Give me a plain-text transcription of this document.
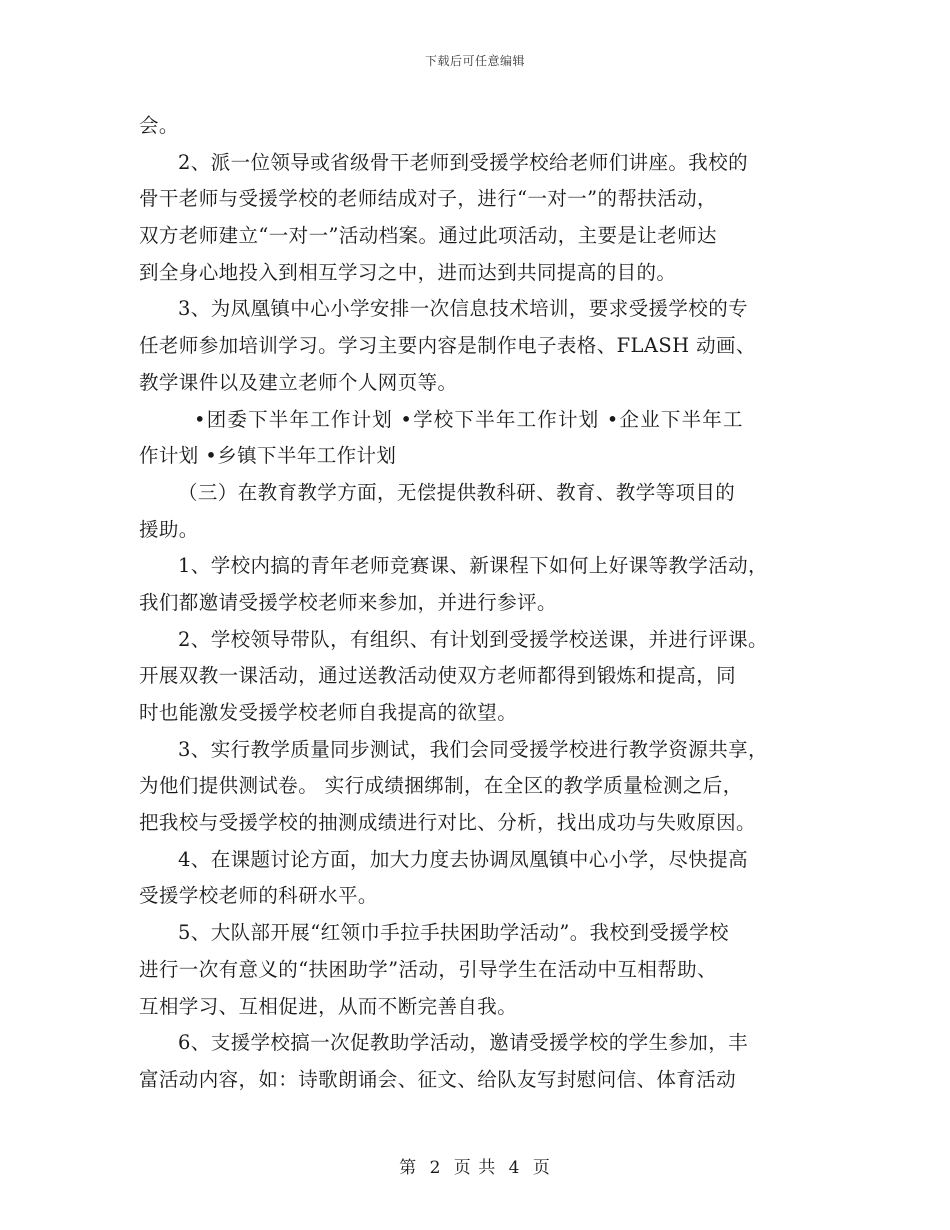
下载后可任意编辑
会。
2、派一位领导或省级骨干老师到受援学校给老师们讲座。我校的
骨干老师与受援学校的老师结成对子，进行“一对一”的帮扶活动，
双方老师建立“一对一”活动档案。通过此项活动，主要是让老师达
到全身心地投入到相互学习之中，进而达到共同提高的目的。
3、为凤凰镇中心小学安排一次信息技术培训，要求受援学校的专
任老师参加培训学习。学习主要内容是制作电子表格、FLASH 动画、
教学课件以及建立老师个人网页等。
•团委下半年工作计划 •学校下半年工作计划 •企业下半年工
作计划 •乡镇下半年工作计划
（三）在教育教学方面，无偿提供教科研、教育、教学等项目的
援助。
1、学校内搞的青年老师竞赛课、新课程下如何上好课等教学活动，
我们都邀请受援学校老师来参加，并进行参评。
2、学校领导带队，有组织、有计划到受援学校送课，并进行评课。
开展双教一课活动，通过送教活动使双方老师都得到锻炼和提高，同
时也能激发受援学校老师自我提高的欲望。
3、实行教学质量同步测试，我们会同受援学校进行教学资源共享，
为他们提供测试卷。 实行成绩捆绑制，在全区的教学质量检测之后，
把我校与受援学校的抽测成绩进行对比、分析，找出成功与失败原因。
4、在课题讨论方面，加大力度去协调凤凰镇中心小学，尽快提高
受援学校老师的科研水平。
5、大队部开展“红领巾手拉手扶困助学活动”。我校到受援学校
进行一次有意义的“扶困助学”活动，引导学生在活动中互相帮助、
互相学习、互相促进，从而不断完善自我。
6、支援学校搞一次促教助学活动，邀请受援学校的学生参加，丰
富活动内容，如：诗歌朗诵会、征文、给队友写封慰问信、体育活动
第 2 页 共 4 页
